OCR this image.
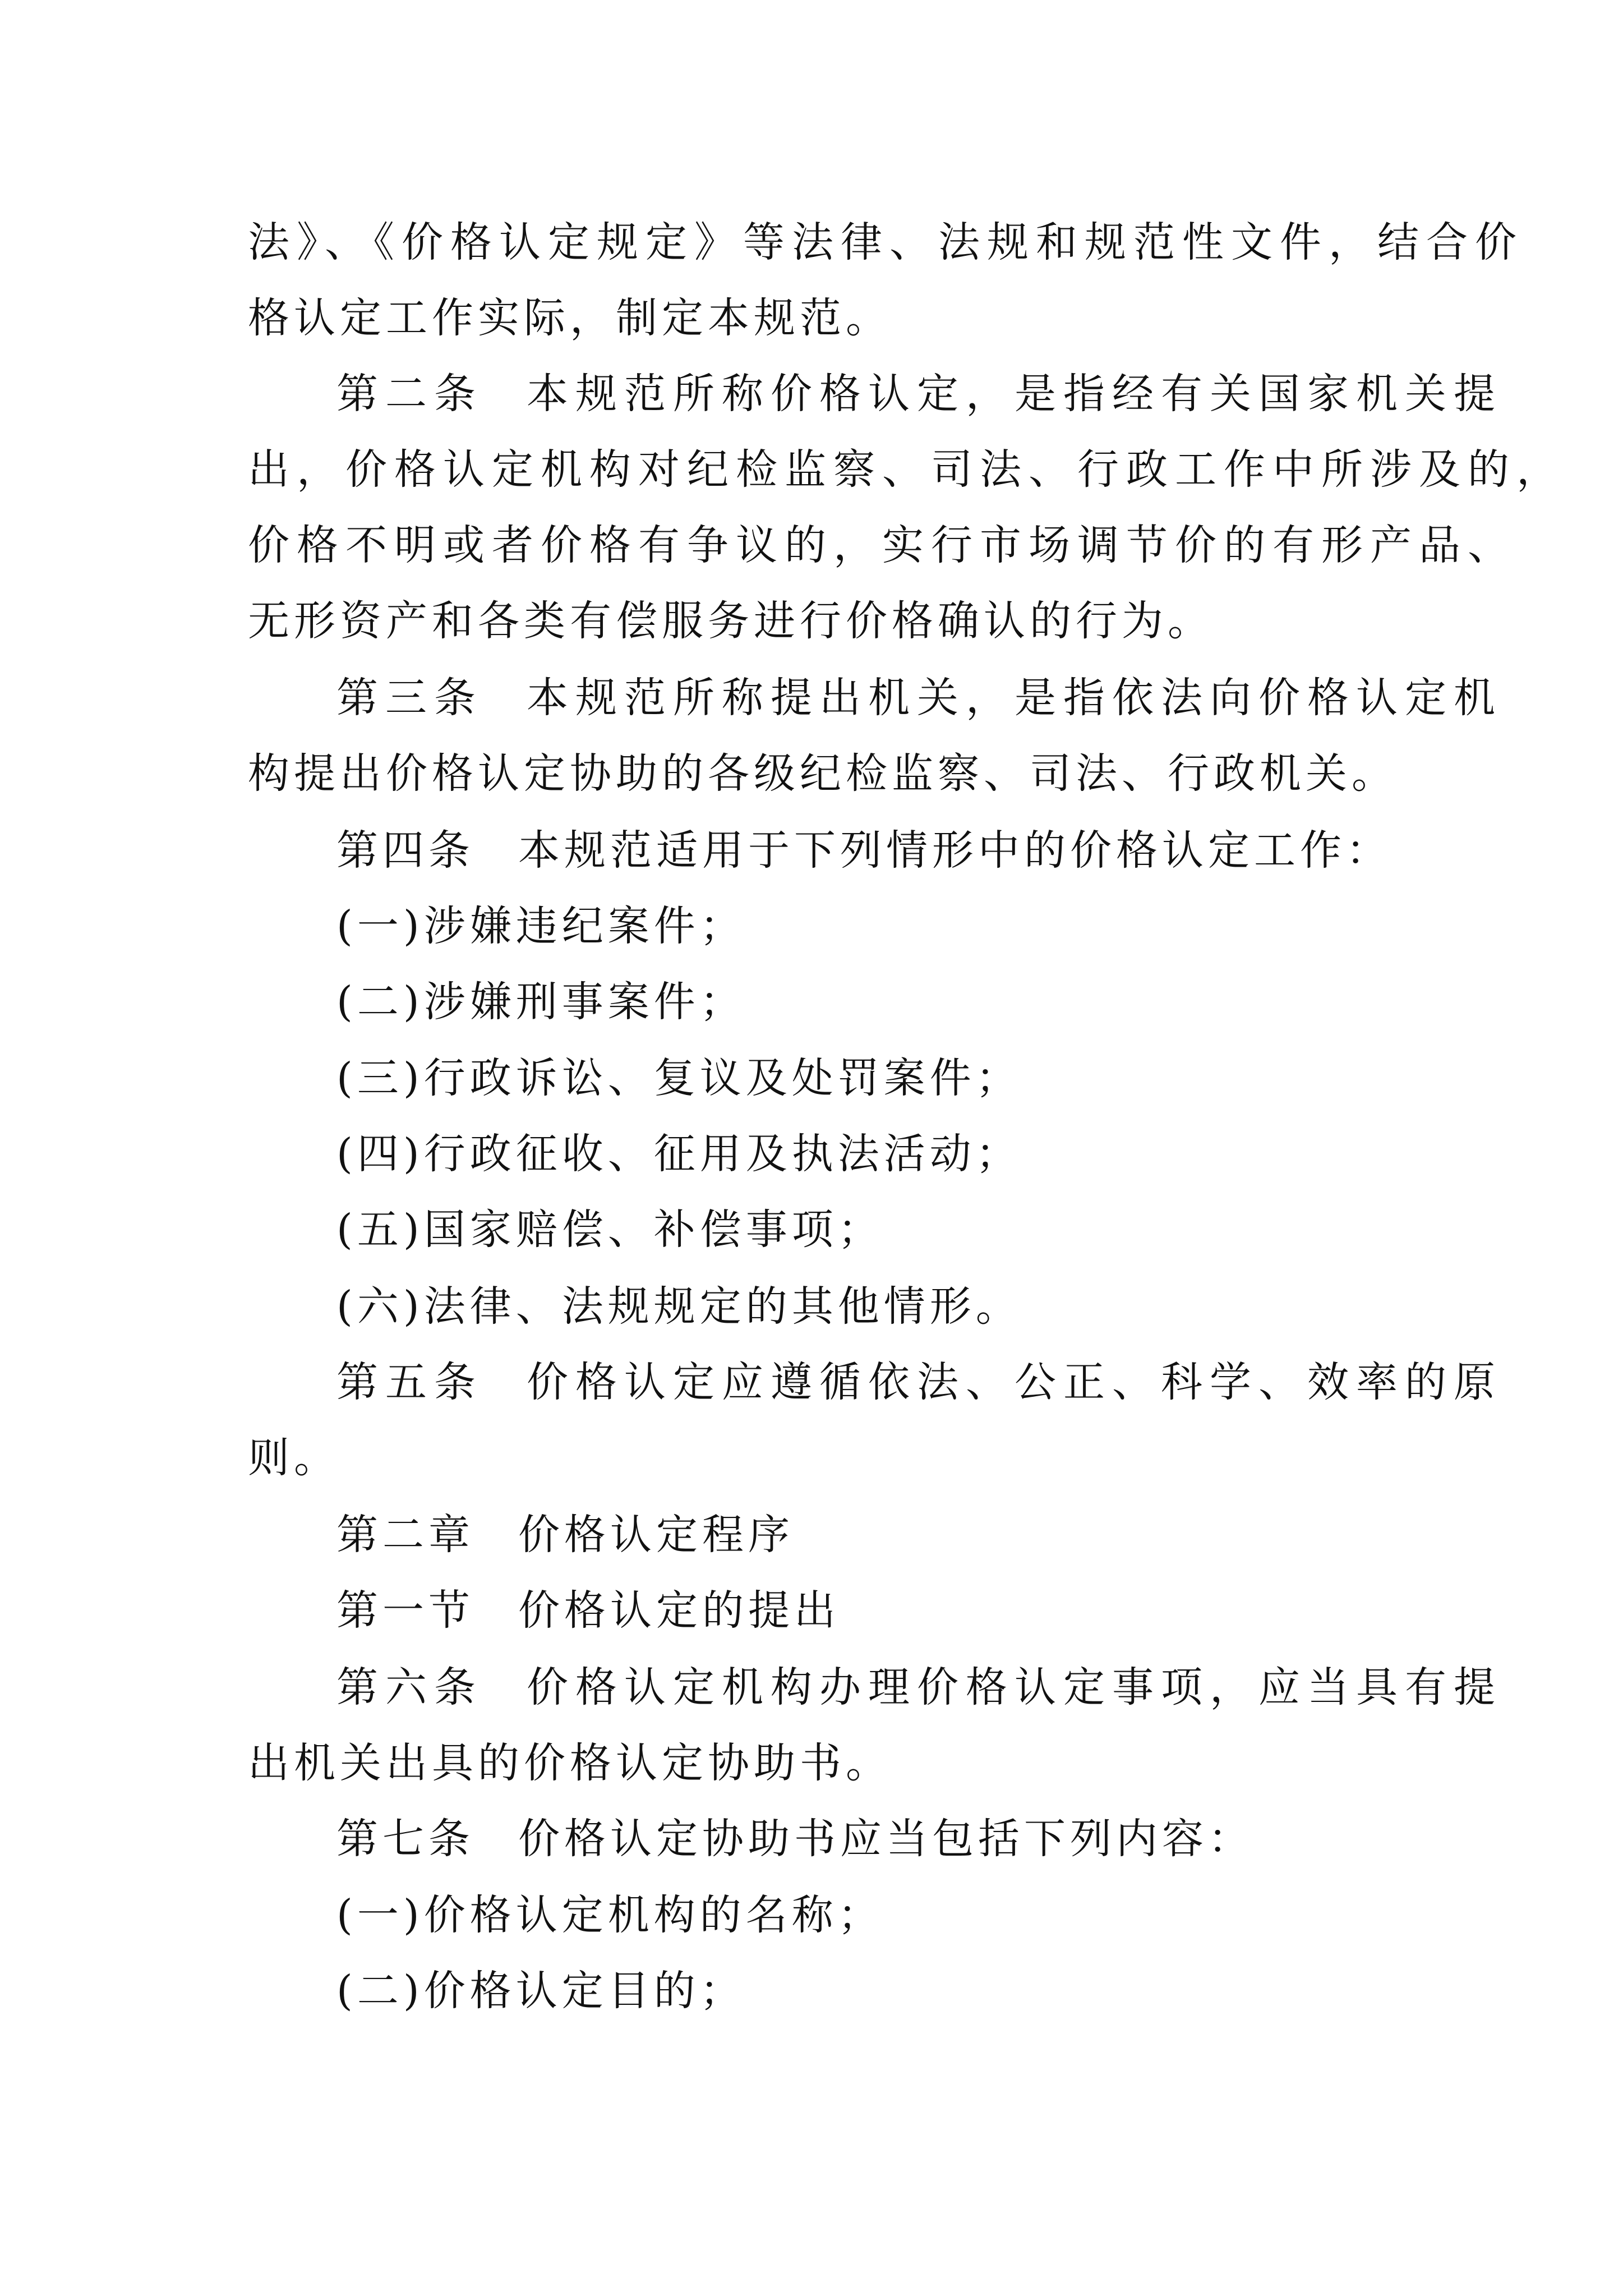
法》、《价格认定规定》等法律、法规和规范性文件，结合价
格认定工作实际，制定本规范。
第二条 本规范所称价格认定，是指经有关国家机关提
出，价格认定机构对纪检监察、司法、行政工作中所涉及的，
价格不明或者价格有争议的，实行市场调节价的有形产品、
无形资产和各类有偿服务进行价格确认的行为。
第三条 本规范所称提出机关，是指依法向价格认定机
构提出价格认定协助的各级纪检监察、司法、行政机关。
第四条 本规范适用于下列情形中的价格认定工作：
(一)涉嫌违纪案件；
(二)涉嫌刑事案件；
(三)行政诉讼、复议及处罚案件；
(四)行政征收、征用及执法活动；
(五)国家赔偿、补偿事项；
(六)法律、法规规定的其他情形。
第五条 价格认定应遵循依法、公正、科学、效率的原
则。
第二章 价格认定程序
第一节 价格认定的提出
第六条 价格认定机构办理价格认定事项，应当具有提
出机关出具的价格认定协助书。
第七条 价格认定协助书应当包括下列内容：
(一)价格认定机构的名称；
(二)价格认定目的；
